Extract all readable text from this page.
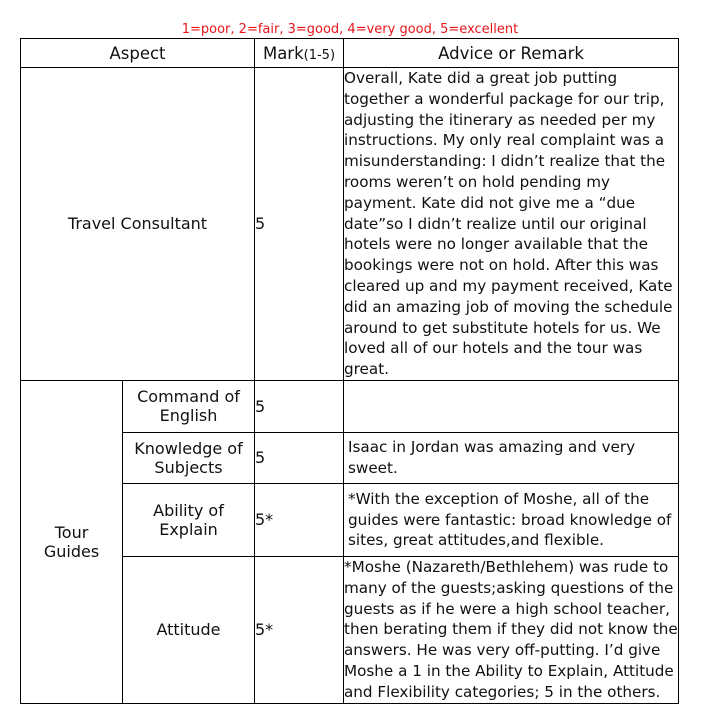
1=poor, 2=fair, 3=good, 4=very good, 5=excellent
Aspect		Mark(1-5)	Advice or Remark
Travel Consultant		5	Overall, Kate did a great job putting together a wonderful package for our trip, adjusting the itinerary as needed per my instructions. My only real complaint was a misunderstanding: I didn’t realize that the rooms weren’t on hold pending my payment. Kate did not give me a “due date”so I didn’t realize until our original hotels were no longer available that the bookings were not on hold. After this was cleared up and my payment received, Kate did an amazing job of moving the schedule around to get substitute hotels for us. We loved all of our hotels and the tour was great.
Tour Guides	Command of English	5	
	Knowledge of Subjects	5	Isaac in Jordan was amazing and very sweet.
	Ability of Explain	5*	*With the exception of Moshe, all of the guides were fantastic: broad knowledge of sites, great attitudes,and flexible.
	Attitude	5*	*Moshe (Nazareth/Bethlehem) was rude to many of the guests;asking questions of the guests as if he were a high school teacher, then berating them if they did not know the answers. He was very off-putting. I’d give Moshe a 1 in the Ability to Explain, Attitude and Flexibility categories; 5 in the others.
